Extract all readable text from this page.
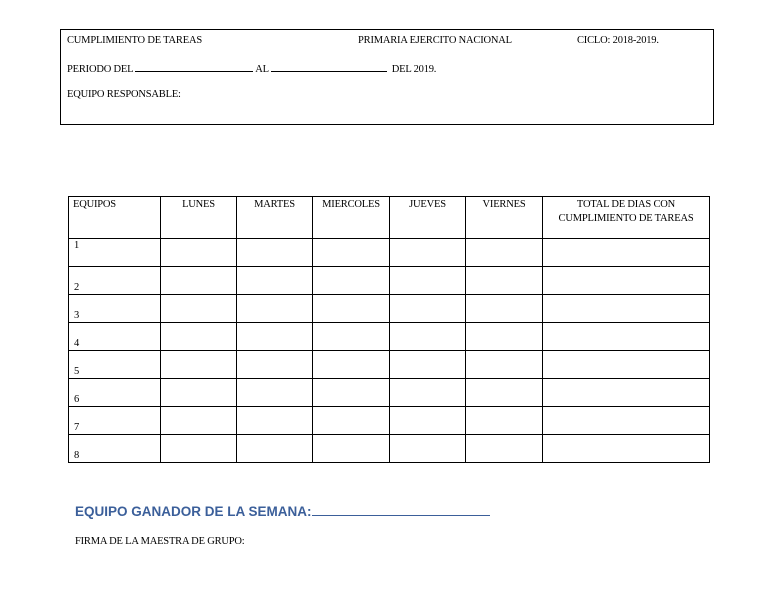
CUMPLIMIENTO DE TAREAS	PRIMARIA EJERCITO NACIONAL	CICLO: 2018-2019.
PERIODO DEL	AL	DEL 2019.
EQUIPO RESPONSABLE:
EQUIPOS	LUNES	MARTES	MIERCOLES	JUEVES	VIERNES	TOTAL DE DIAS CON CUMPLIMIENTO DE TAREAS
1						
2						
3						
4						
5						
6						
7						
8						
EQUIPO GANADOR DE LA SEMANA:
FIRMA DE LA MAESTRA DE GRUPO:
